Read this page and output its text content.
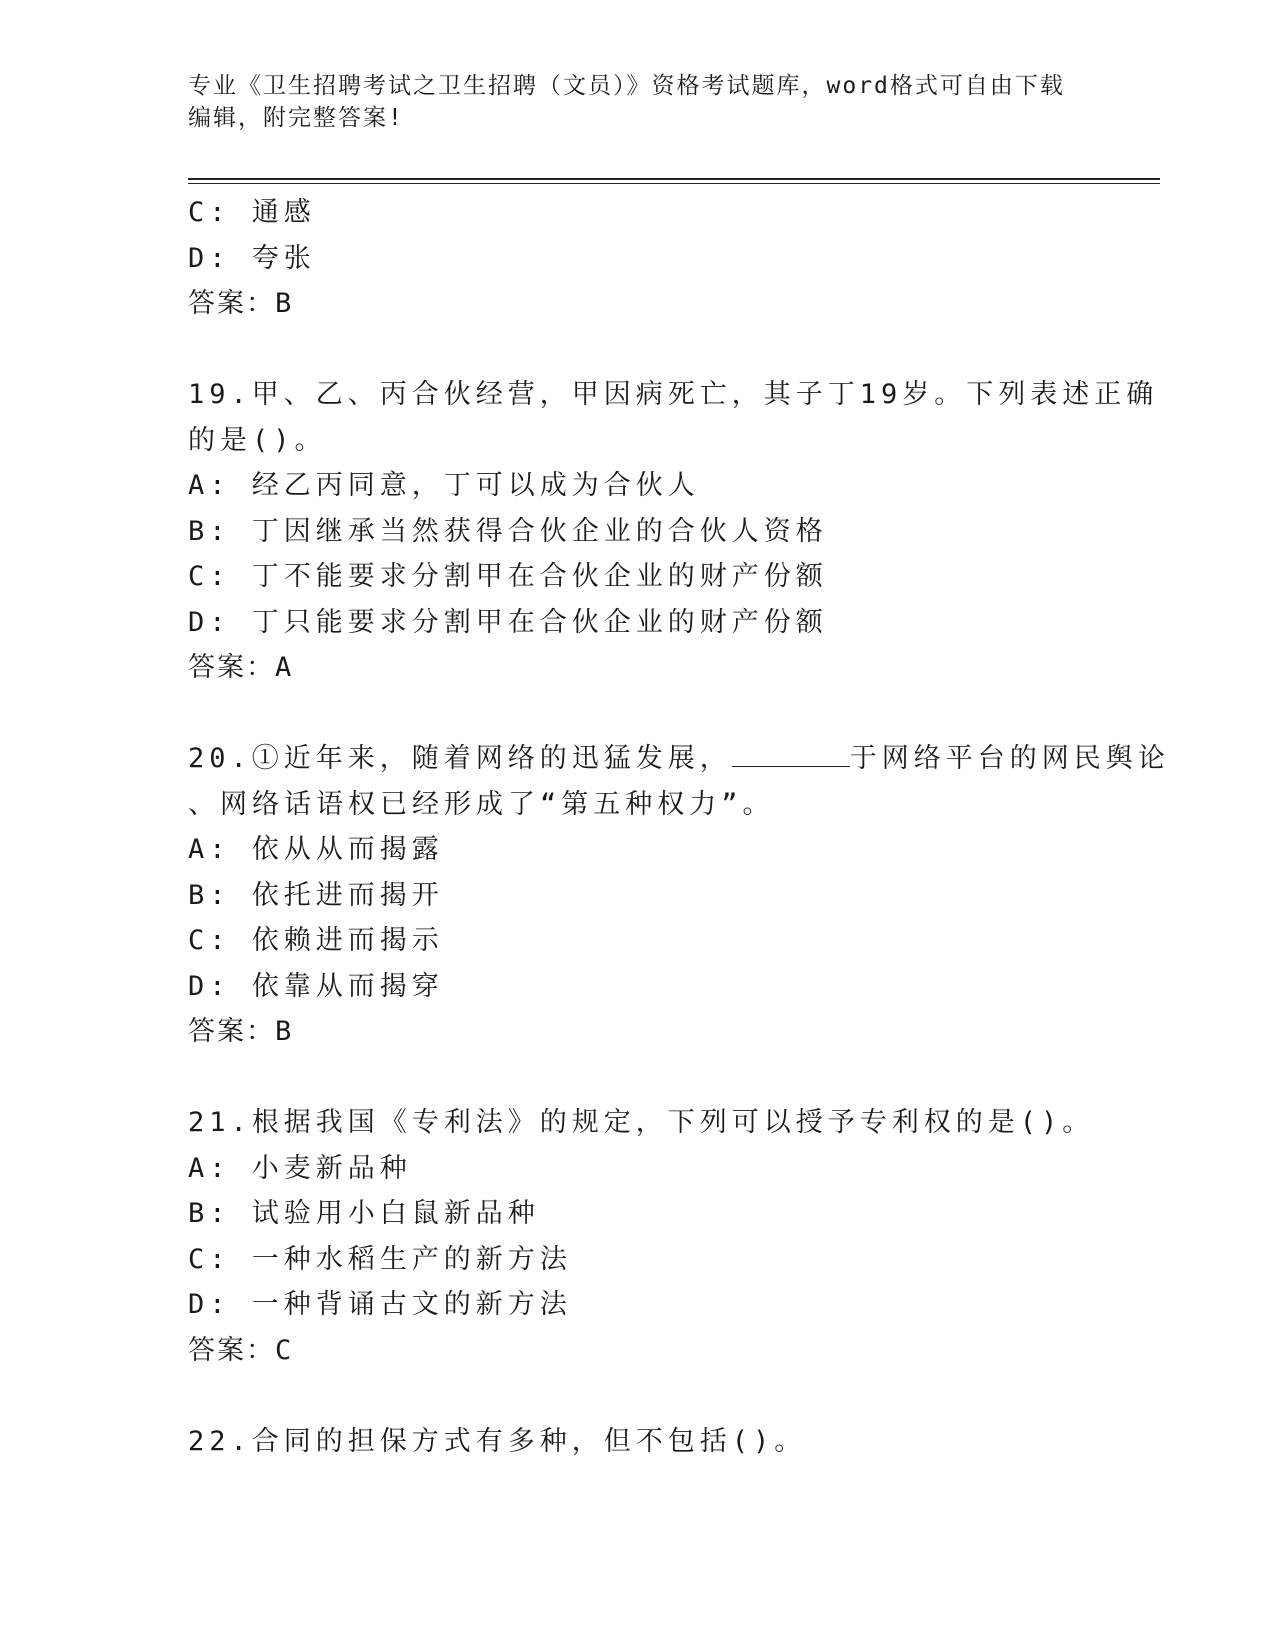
专业《卫生招聘考试之卫生招聘（文员）》资格考试题库，word格式可自由下载
编辑，附完整答案!
C: 通感
D: 夸张
答案：B
19.甲、乙、丙合伙经营，甲因病死亡，其子丁19岁。下列表述正确
的是()。
A: 经乙丙同意，丁可以成为合伙人
B: 丁因继承当然获得合伙企业的合伙人资格
C: 丁不能要求分割甲在合伙企业的财产份额
D: 丁只能要求分割甲在合伙企业的财产份额
答案：A
20.①近年来，随着网络的迅猛发展，	于网络平台的网民舆论
、网络话语权已经形成了“第五种权力”。
A: 依从从而揭露
B: 依托进而揭开
C: 依赖进而揭示
D: 依靠从而揭穿
答案：B
21.根据我国《专利法》的规定，下列可以授予专利权的是()。
A: 小麦新品种
B: 试验用小白鼠新品种
C: 一种水稻生产的新方法
D: 一种背诵古文的新方法
答案：C
22.合同的担保方式有多种，但不包括()。
